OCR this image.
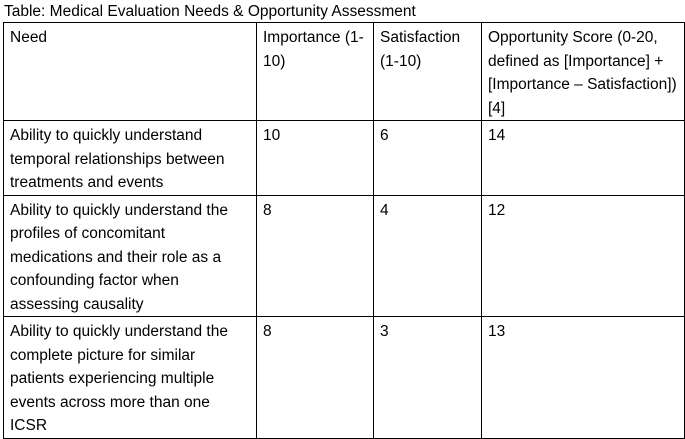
Table: Medical Evaluation Needs & Opportunity Assessment
Need	Importance (1-10)	Satisfaction (1-10)	Opportunity Score (0-20, defined as [Importance] + [Importance – Satisfaction]) [4]
Ability to quickly understand temporal relationships between treatments and events	10	6	14
Ability to quickly understand the profiles of concomitant medications and their role as a confounding factor when assessing causality	8	4	12
Ability to quickly understand the complete picture for similar patients experiencing multiple events across more than one ICSR	8	3	13
